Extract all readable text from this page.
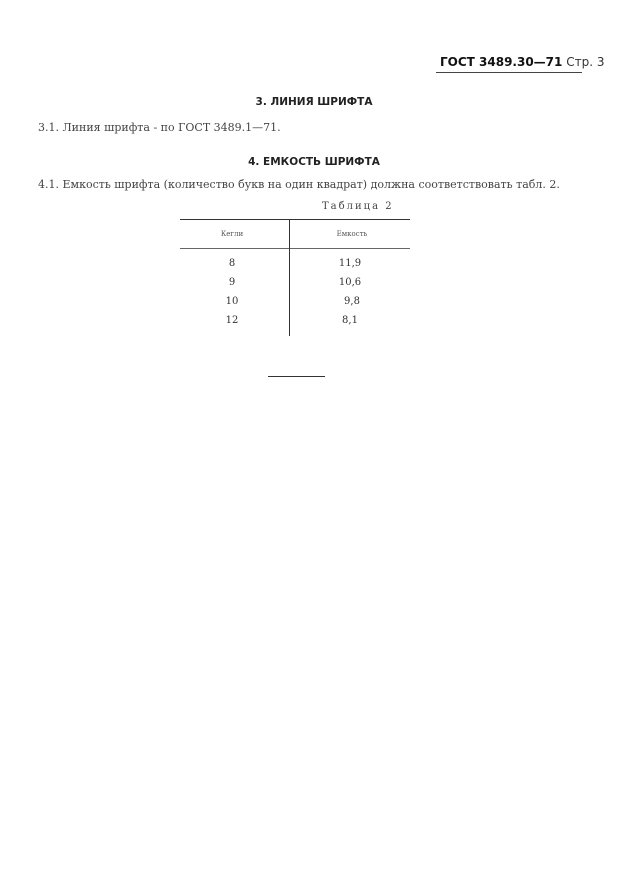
ГОСТ 3489.30—71 Стр. 3
3. ЛИНИЯ ШРИФТА
3.1. Линия шрифта - по ГОСТ 3489.1—71.
4. ЕМКОСТЬ ШРИФТА
4.1. Емкость шрифта (количество букв на один квадрат) должна соответствовать табл. 2.
Таблица 2
Кегли	Емкость
8	11,9
9	10,6
10	9,8
12	8,1
